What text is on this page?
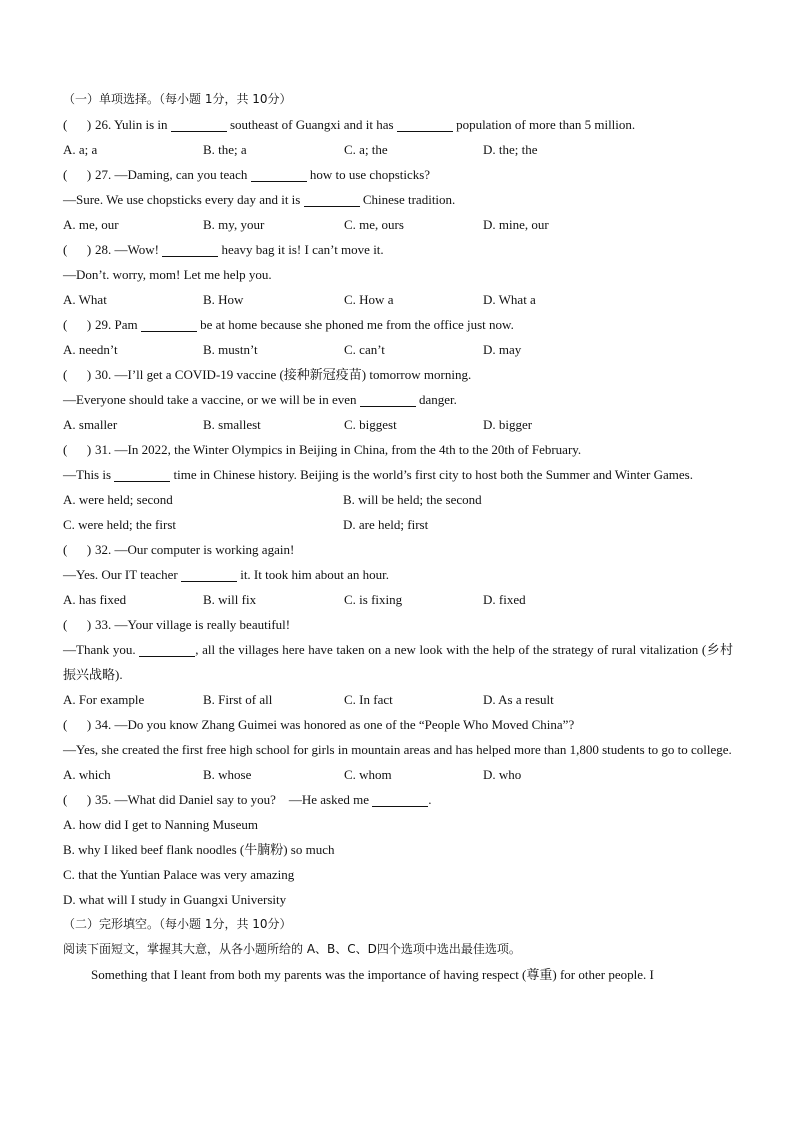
（一）单项选择。（每小题 1分，共 10分）
(      ) 26. Yulin is in	southeast of Guangxi and it has	population of more than 5 million.
A. a; a	B. the; a	C. a; the	D. the; the
(      ) 27. —Daming, can you teach	how to use chopsticks?
—Sure. We use chopsticks every day and it is	Chinese tradition.
A. me, our	B. my, your	C. me, ours	D. mine, our
(      ) 28. —Wow!	heavy bag it is! I can’t move it.
—Don’t. worry, mom! Let me help you.
A. What	B. How	C. How a	D. What a
(      ) 29. Pam	be at home because she phoned me from the office just now.
A. needn’t	B. mustn’t	C. can’t	D. may
(      ) 30. —I’ll get a COVID-19 vaccine (接种新冠疫苗) tomorrow morning.
—Everyone should take a vaccine, or we will be in even	danger.
A. smaller	B. smallest	C. biggest	D. bigger
(      ) 31. —In 2022, the Winter Olympics in Beijing in China, from the 4th to the 20th of February.
—This is	time in Chinese history. Beijing is the world’s first city to host both the Summer and Winter Games.
A. were held; second	B. will be held; the second
C. were held; the first	D. are held; first
(      ) 32. —Our computer is working again!
—Yes. Our IT teacher	it. It took him about an hour.
A. has fixed	B. will fix	C. is fixing	D. fixed
(      ) 33. —Your village is really beautiful!
—Thank you.	, all the villages here have taken on a new look with the help of the strategy of rural vitalization (乡村振兴战略).
A. For example	B. First of all	C. In fact	D. As a result
(      ) 34. —Do you know Zhang Guimei was honored as one of the “People Who Moved China”?
—Yes, she created the first free high school for girls in mountain areas and has helped more than 1,800 students to go to college.
A. which	B. whose	C. whom	D. who
(      ) 35. —What did Daniel say to you?    —He asked me	.
A. how did I get to Nanning Museum
B. why I liked beef flank noodles (牛腩粉) so much
C. that the Yuntian Palace was very amazing
D. what will I study in Guangxi University
（二）完形填空。（每小题 1分，共 10分）
阅读下面短文，掌握其大意，从各小题所给的 A、B、C、D四个选项中选出最佳选项。
Something that I leant from both my parents was the importance of having respect (尊重) for other people. I
